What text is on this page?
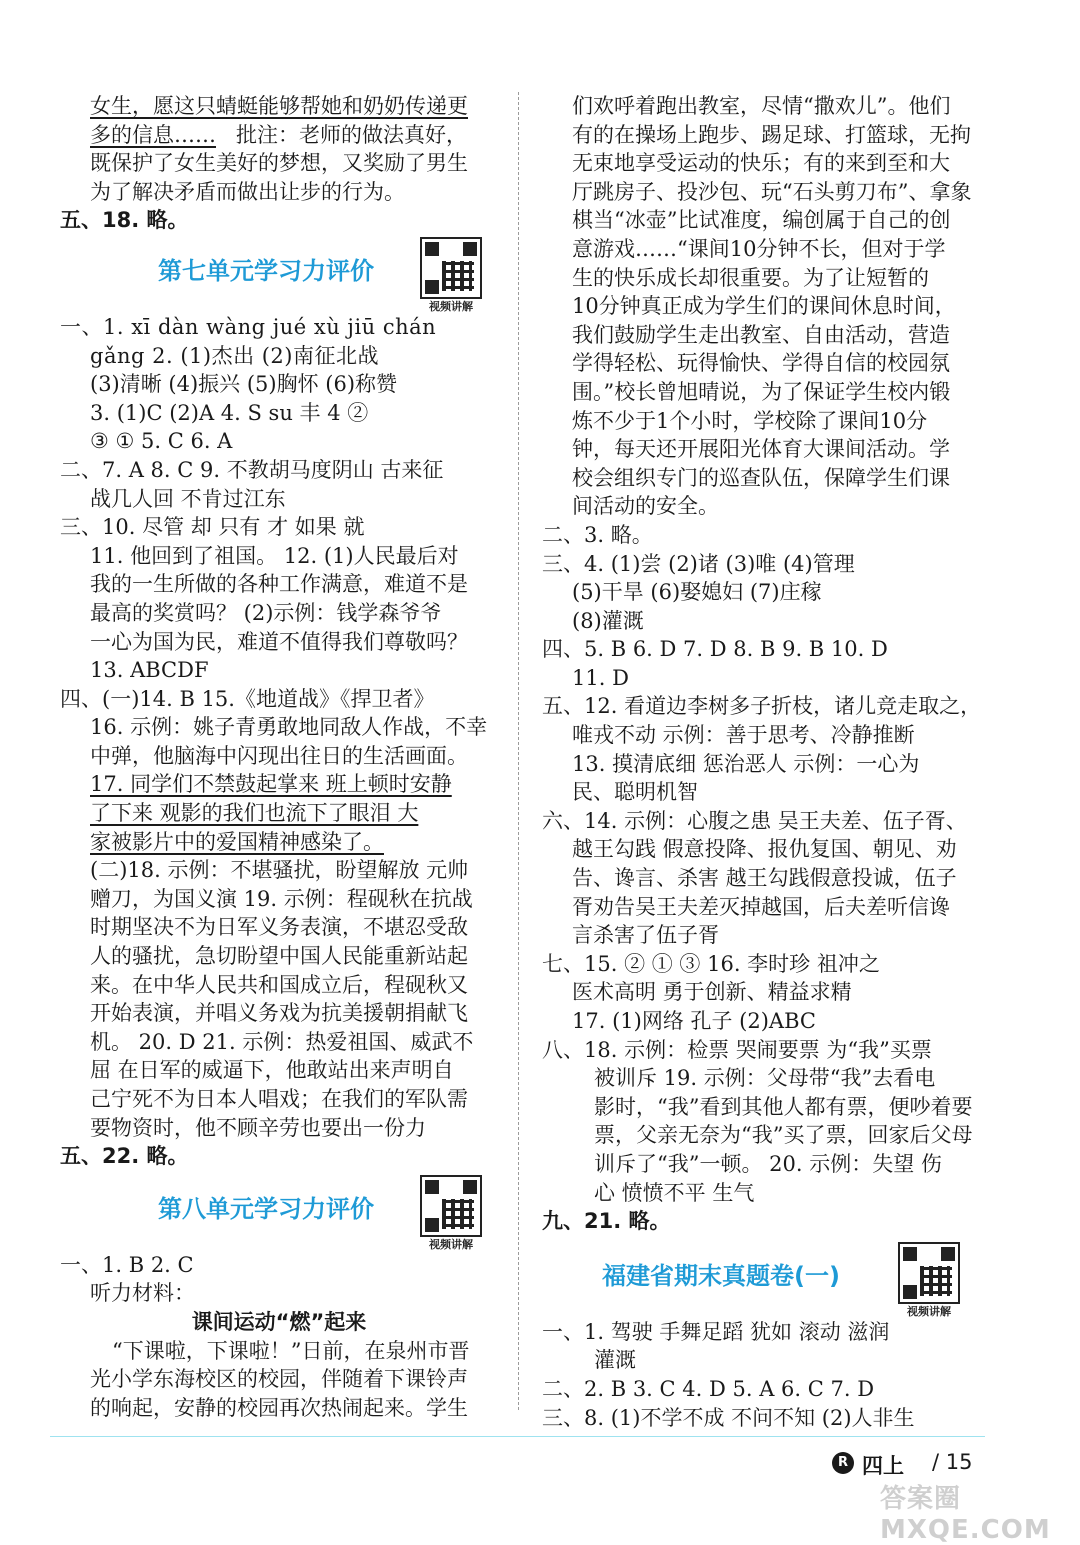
女生，愿这只蜻蜓能够帮她和奶奶传递更
多的信息…… 批注：老师的做法真好，
既保护了女生美好的梦想，又奖励了男生
为了解决矛盾而做出让步的行为。
五、18. 略。
第七单元学习力评价
视频讲解
一、1. xī dàn wàng jué xù jiū chán
gǎng 2. (1)杰出 (2)南征北战
(3)清晰 (4)振兴 (5)胸怀 (6)称赞
3. (1)C (2)A 4. S su 丰 4 ②
③ ① 5. C 6. A
二、7. A 8. C 9. 不教胡马度阴山 古来征
战几人回 不肯过江东
三、10. 尽管 却 只有 才 如果 就
11. 他回到了祖国。 12. (1)人民最后对
我的一生所做的各种工作满意，难道不是
最高的奖赏吗？ (2)示例：钱学森爷爷
一心为国为民，难道不值得我们尊敬吗？
13. ABCDF
四、(一)14. B 15.《地道战》《捍卫者》
16. 示例：姚子青勇敢地同敌人作战，不幸
中弹，他脑海中闪现出往日的生活画面。
17. 同学们不禁鼓起掌来 班上顿时安静
了下来 观影的我们也流下了眼泪 大
家被影片中的爱国精神感染了。
(二)18. 示例：不堪骚扰，盼望解放 元帅
赠刀，为国义演 19. 示例：程砚秋在抗战
时期坚决不为日军义务表演，不堪忍受敌
人的骚扰，急切盼望中国人民能重新站起
来。在中华人民共和国成立后，程砚秋又
开始表演，并唱义务戏为抗美援朝捐献飞
机。 20. D 21. 示例：热爱祖国、威武不
屈 在日军的威逼下，他敢站出来声明自
己宁死不为日本人唱戏；在我们的军队需
要物资时，他不顾辛劳也要出一份力
五、22. 略。
第八单元学习力评价
视频讲解
一、1. B 2. C
听力材料：
课间运动“燃”起来
“下课啦，下课啦！”日前，在泉州市晋
光小学东海校区的校园，伴随着下课铃声
的响起，安静的校园再次热闹起来。学生
们欢呼着跑出教室，尽情“撒欢儿”。他们
有的在操场上跑步、踢足球、打篮球，无拘
无束地享受运动的快乐；有的来到至和大
厅跳房子、投沙包、玩“石头剪刀布”、拿象
棋当“冰壶”比试准度，编创属于自己的创
意游戏……“课间10分钟不长，但对于学
生的快乐成长却很重要。为了让短暂的
10分钟真正成为学生们的课间休息时间，
我们鼓励学生走出教室、自由活动，营造
学得轻松、玩得愉快、学得自信的校园氛
围。”校长曾旭晴说，为了保证学生校内锻
炼不少于1个小时，学校除了课间10分
钟，每天还开展阳光体育大课间活动。学
校会组织专门的巡查队伍，保障学生们课
间活动的安全。
二、3. 略。
三、4. (1)尝 (2)诸 (3)唯 (4)管理
(5)干旱 (6)娶媳妇 (7)庄稼
(8)灌溉
四、5. B 6. D 7. D 8. B 9. B 10. D
11. D
五、12. 看道边李树多子折枝，诸儿竞走取之，
唯戎不动 示例：善于思考、冷静推断
13. 摸清底细 惩治恶人 示例：一心为
民、聪明机智
六、14. 示例：心腹之患 吴王夫差、伍子胥、
越王勾践 假意投降、报仇复国、朝见、劝
告、谗言、杀害 越王勾践假意投诚，伍子
胥劝告吴王夫差灭掉越国，后夫差听信谗
言杀害了伍子胥
七、15. ② ① ③ 16. 李时珍 祖冲之
医术高明 勇于创新、精益求精
17. (1)网络 孔子 (2)ABC
八、18. 示例：检票 哭闹要票 为“我”买票
被训斥 19. 示例：父母带“我”去看电
影时，“我”看到其他人都有票，便吵着要
票，父亲无奈为“我”买了票，回家后父母
训斥了“我”一顿。 20. 示例：失望 伤
心 愤愤不平 生气
九、21. 略。
福建省期末真题卷(一)
视频讲解
一、1. 驾驶 手舞足蹈 犹如 滚动 滋润
灌溉
二、2. B 3. C 4. D 5. A 6. C 7. D
三、8. (1)不学不成 不问不知 (2)人非生
R 四上 / 15
答案圈 MXQE.COM
